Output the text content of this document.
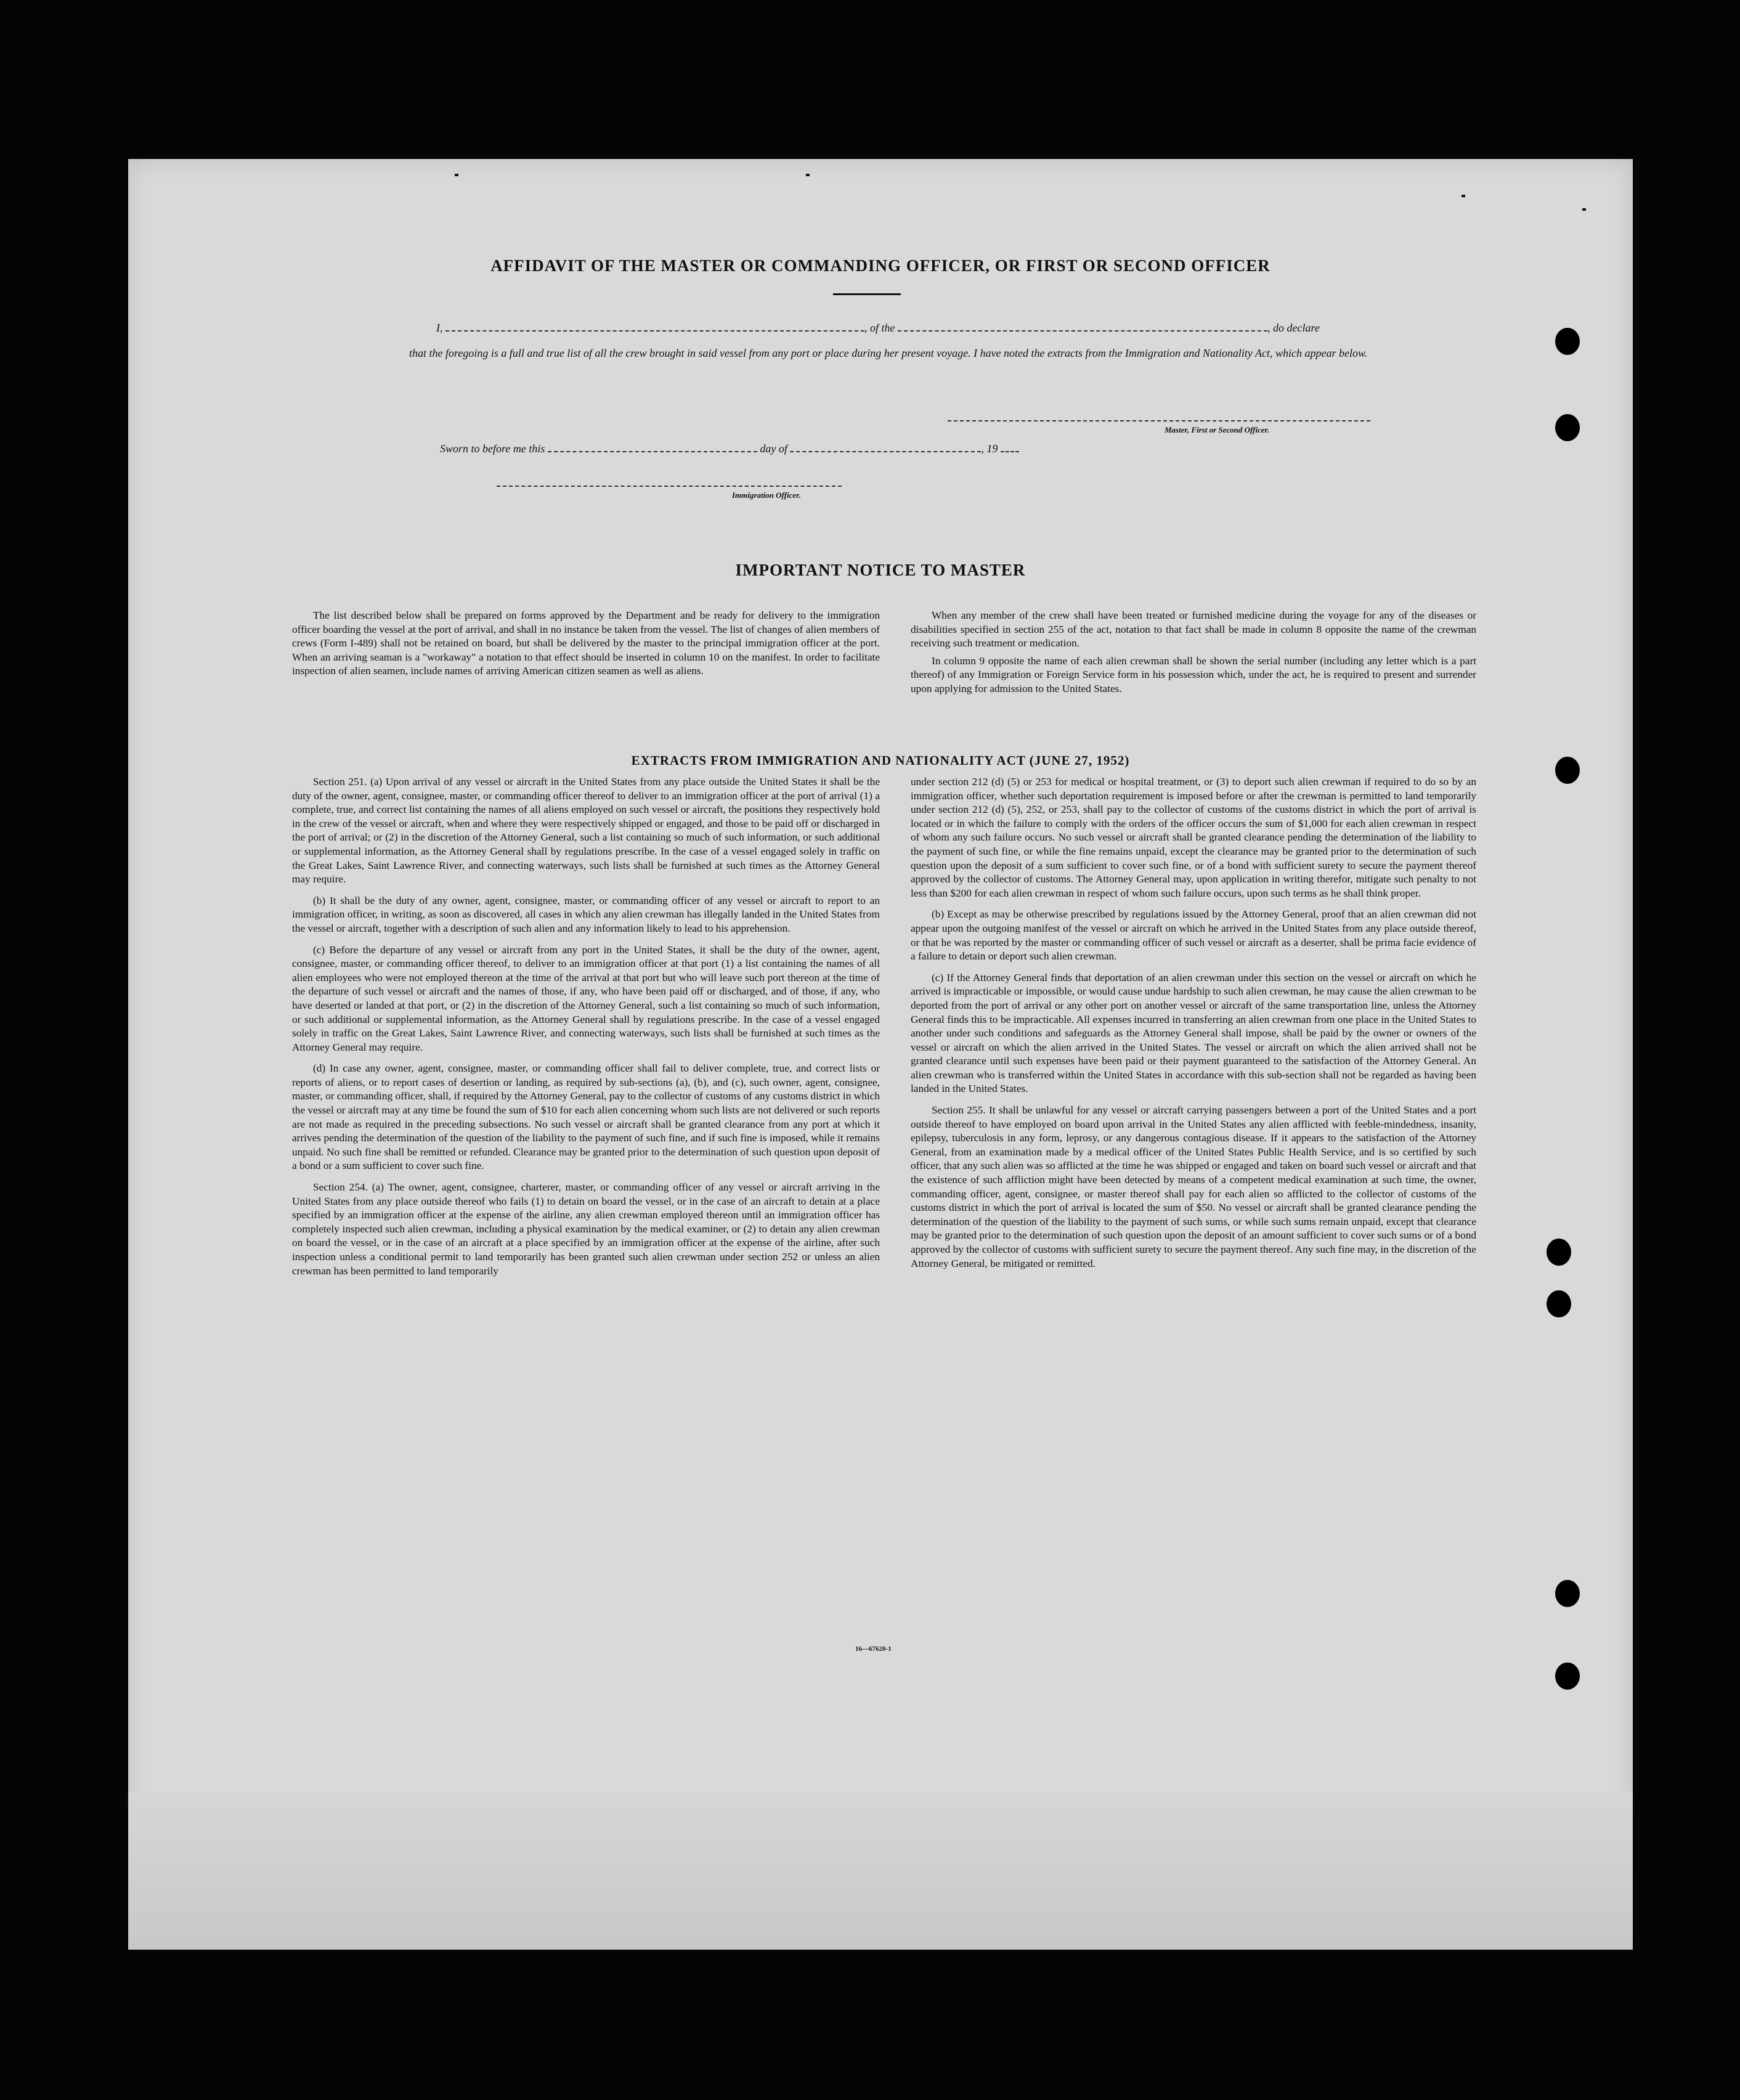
AFFIDAVIT OF THE MASTER OR COMMANDING OFFICER, OR FIRST OR SECOND OFFICER
I,	, of the	, do declare
that the foregoing is a full and true list of all the crew brought in said vessel from any port or place during her present voyage. I have noted the extracts from the Immigration and Nationality Act, which appear below.
Master, First or Second Officer.
Sworn to before me this	day of	, 19
Immigration Officer.
IMPORTANT NOTICE TO MASTER

The list described below shall be prepared on forms approved by the Department and be ready for delivery to the immigration officer boarding the vessel at the port of arrival, and shall in no instance be taken from the vessel. The list of changes of alien members of crews (Form I-489) shall not be retained on board, but shall be delivered by the master to the principal immigration officer at the port. When an arriving seaman is a "workaway" a notation to that effect should be inserted in column 10 on the manifest. In order to facilitate inspection of alien seamen, include names of arriving American citizen seamen as well as aliens.

When any member of the crew shall have been treated or furnished medicine during the voyage for any of the diseases or disabilities specified in section 255 of the act, notation to that fact shall be made in column 8 opposite the name of the crewman receiving such treatment or medication.

In column 9 opposite the name of each alien crewman shall be shown the serial number (including any letter which is a part thereof) of any Immigration or Foreign Service form in his possession which, under the act, he is required to present and surrender upon applying for admission to the United States.

EXTRACTS FROM IMMIGRATION AND NATIONALITY ACT (JUNE 27, 1952)

Section 251. (a) Upon arrival of any vessel or aircraft in the United States from any place outside the United States it shall be the duty of the owner, agent, consignee, master, or commanding officer thereof to deliver to an immigration officer at the port of arrival (1) a complete, true, and correct list containing the names of all aliens employed on such vessel or aircraft, the positions they respectively hold in the crew of the vessel or aircraft, when and where they were respectively shipped or engaged, and those to be paid off or discharged in the port of arrival; or (2) in the discretion of the Attorney General, such a list containing so much of such information, or such additional or supplemental information, as the Attorney General shall by regulations prescribe. In the case of a vessel engaged solely in traffic on the Great Lakes, Saint Lawrence River, and connecting waterways, such lists shall be furnished at such times as the Attorney General may require.

(b) It shall be the duty of any owner, agent, consignee, master, or commanding officer of any vessel or aircraft to report to an immigration officer, in writing, as soon as discovered, all cases in which any alien crewman has illegally landed in the United States from the vessel or aircraft, together with a description of such alien and any information likely to lead to his apprehension.

(c) Before the departure of any vessel or aircraft from any port in the United States, it shall be the duty of the owner, agent, consignee, master, or commanding officer thereof, to deliver to an immigration officer at that port (1) a list containing the names of all alien employees who were not employed thereon at the time of the arrival at that port but who will leave such port thereon at the time of the departure of such vessel or aircraft and the names of those, if any, who have been paid off or discharged, and of those, if any, who have deserted or landed at that port, or (2) in the discretion of the Attorney General, such a list containing so much of such information, or such additional or supplemental information, as the Attorney General shall by regulations prescribe. In the case of a vessel engaged solely in traffic on the Great Lakes, Saint Lawrence River, and connecting waterways, such lists shall be furnished at such times as the Attorney General may require.

(d) In case any owner, agent, consignee, master, or commanding officer shall fail to deliver complete, true, and correct lists or reports of aliens, or to report cases of desertion or landing, as required by sub-sections (a), (b), and (c), such owner, agent, consignee, master, or commanding officer, shall, if required by the Attorney General, pay to the collector of customs of any customs district in which the vessel or aircraft may at any time be found the sum of $10 for each alien concerning whom such lists are not delivered or such reports are not made as required in the preceding subsections. No such vessel or aircraft shall be granted clearance from any port at which it arrives pending the determination of the question of the liability to the payment of such fine, and if such fine is imposed, while it remains unpaid. No such fine shall be remitted or refunded. Clearance may be granted prior to the determination of such question upon deposit of a bond or a sum sufficient to cover such fine.

Section 254. (a) The owner, agent, consignee, charterer, master, or commanding officer of any vessel or aircraft arriving in the United States from any place outside thereof who fails (1) to detain on board the vessel, or in the case of an aircraft to detain at a place specified by an immigration officer at the expense of the airline, any alien crewman employed thereon until an immigration officer has completely inspected such alien crewman, including a physical examination by the medical examiner, or (2) to detain any alien crewman on board the vessel, or in the case of an aircraft at a place specified by an immigration officer at the expense of the airline, after such inspection unless a conditional permit to land temporarily has been granted such alien crewman under section 252 or unless an alien crewman has been permitted to land temporarily

under section 212 (d) (5) or 253 for medical or hospital treatment, or (3) to deport such alien crewman if required to do so by an immigration officer, whether such deportation requirement is imposed before or after the crewman is permitted to land temporarily under section 212 (d) (5), 252, or 253, shall pay to the collector of customs of the customs district in which the port of arrival is located or in which the failure to comply with the orders of the officer occurs the sum of $1,000 for each alien crewman in respect of whom any such failure occurs. No such vessel or aircraft shall be granted clearance pending the determination of the liability to the payment of such fine, or while the fine remains unpaid, except the clearance may be granted prior to the determination of such question upon the deposit of a sum sufficient to cover such fine, or of a bond with sufficient surety to secure the payment thereof approved by the collector of customs. The Attorney General may, upon application in writing therefor, mitigate such penalty to not less than $200 for each alien crewman in respect of whom such failure occurs, upon such terms as he shall think proper.

(b) Except as may be otherwise prescribed by regulations issued by the Attorney General, proof that an alien crewman did not appear upon the outgoing manifest of the vessel or aircraft on which he arrived in the United States from any place outside thereof, or that he was reported by the master or commanding officer of such vessel or aircraft as a deserter, shall be prima facie evidence of a failure to detain or deport such alien crewman.

(c) If the Attorney General finds that deportation of an alien crewman under this section on the vessel or aircraft on which he arrived is impracticable or impossible, or would cause undue hardship to such alien crewman, he may cause the alien crewman to be deported from the port of arrival or any other port on another vessel or aircraft of the same transportation line, unless the Attorney General finds this to be impracticable. All expenses incurred in transferring an alien crewman from one place in the United States to another under such conditions and safeguards as the Attorney General shall impose, shall be paid by the owner or owners of the vessel or aircraft on which the alien arrived in the United States. The vessel or aircraft on which the alien arrived shall not be granted clearance until such expenses have been paid or their payment guaranteed to the satisfaction of the Attorney General. An alien crewman who is transferred within the United States in accordance with this sub-section shall not be regarded as having been landed in the United States.

Section 255. It shall be unlawful for any vessel or aircraft carrying passengers between a port of the United States and a port outside thereof to have employed on board upon arrival in the United States any alien afflicted with feeble-mindedness, insanity, epilepsy, tuberculosis in any form, leprosy, or any dangerous contagious disease. If it appears to the satisfaction of the Attorney General, from an examination made by a medical officer of the United States Public Health Service, and is so certified by such officer, that any such alien was so afflicted at the time he was shipped or engaged and taken on board such vessel or aircraft and that the existence of such affliction might have been detected by means of a competent medical examination at such time, the owner, commanding officer, agent, consignee, or master thereof shall pay for each alien so afflicted to the collector of customs of the customs district in which the port of arrival is located the sum of $50. No vessel or aircraft shall be granted clearance pending the determination of the question of the liability to the payment of such sums, or while such sums remain unpaid, except that clearance may be granted prior to the determination of such question upon the deposit of an amount sufficient to cover such sums or of a bond approved by the collector of customs with sufficient surety to secure the payment thereof. Any such fine may, in the discretion of the Attorney General, be mitigated or remitted.

16—67620-1
